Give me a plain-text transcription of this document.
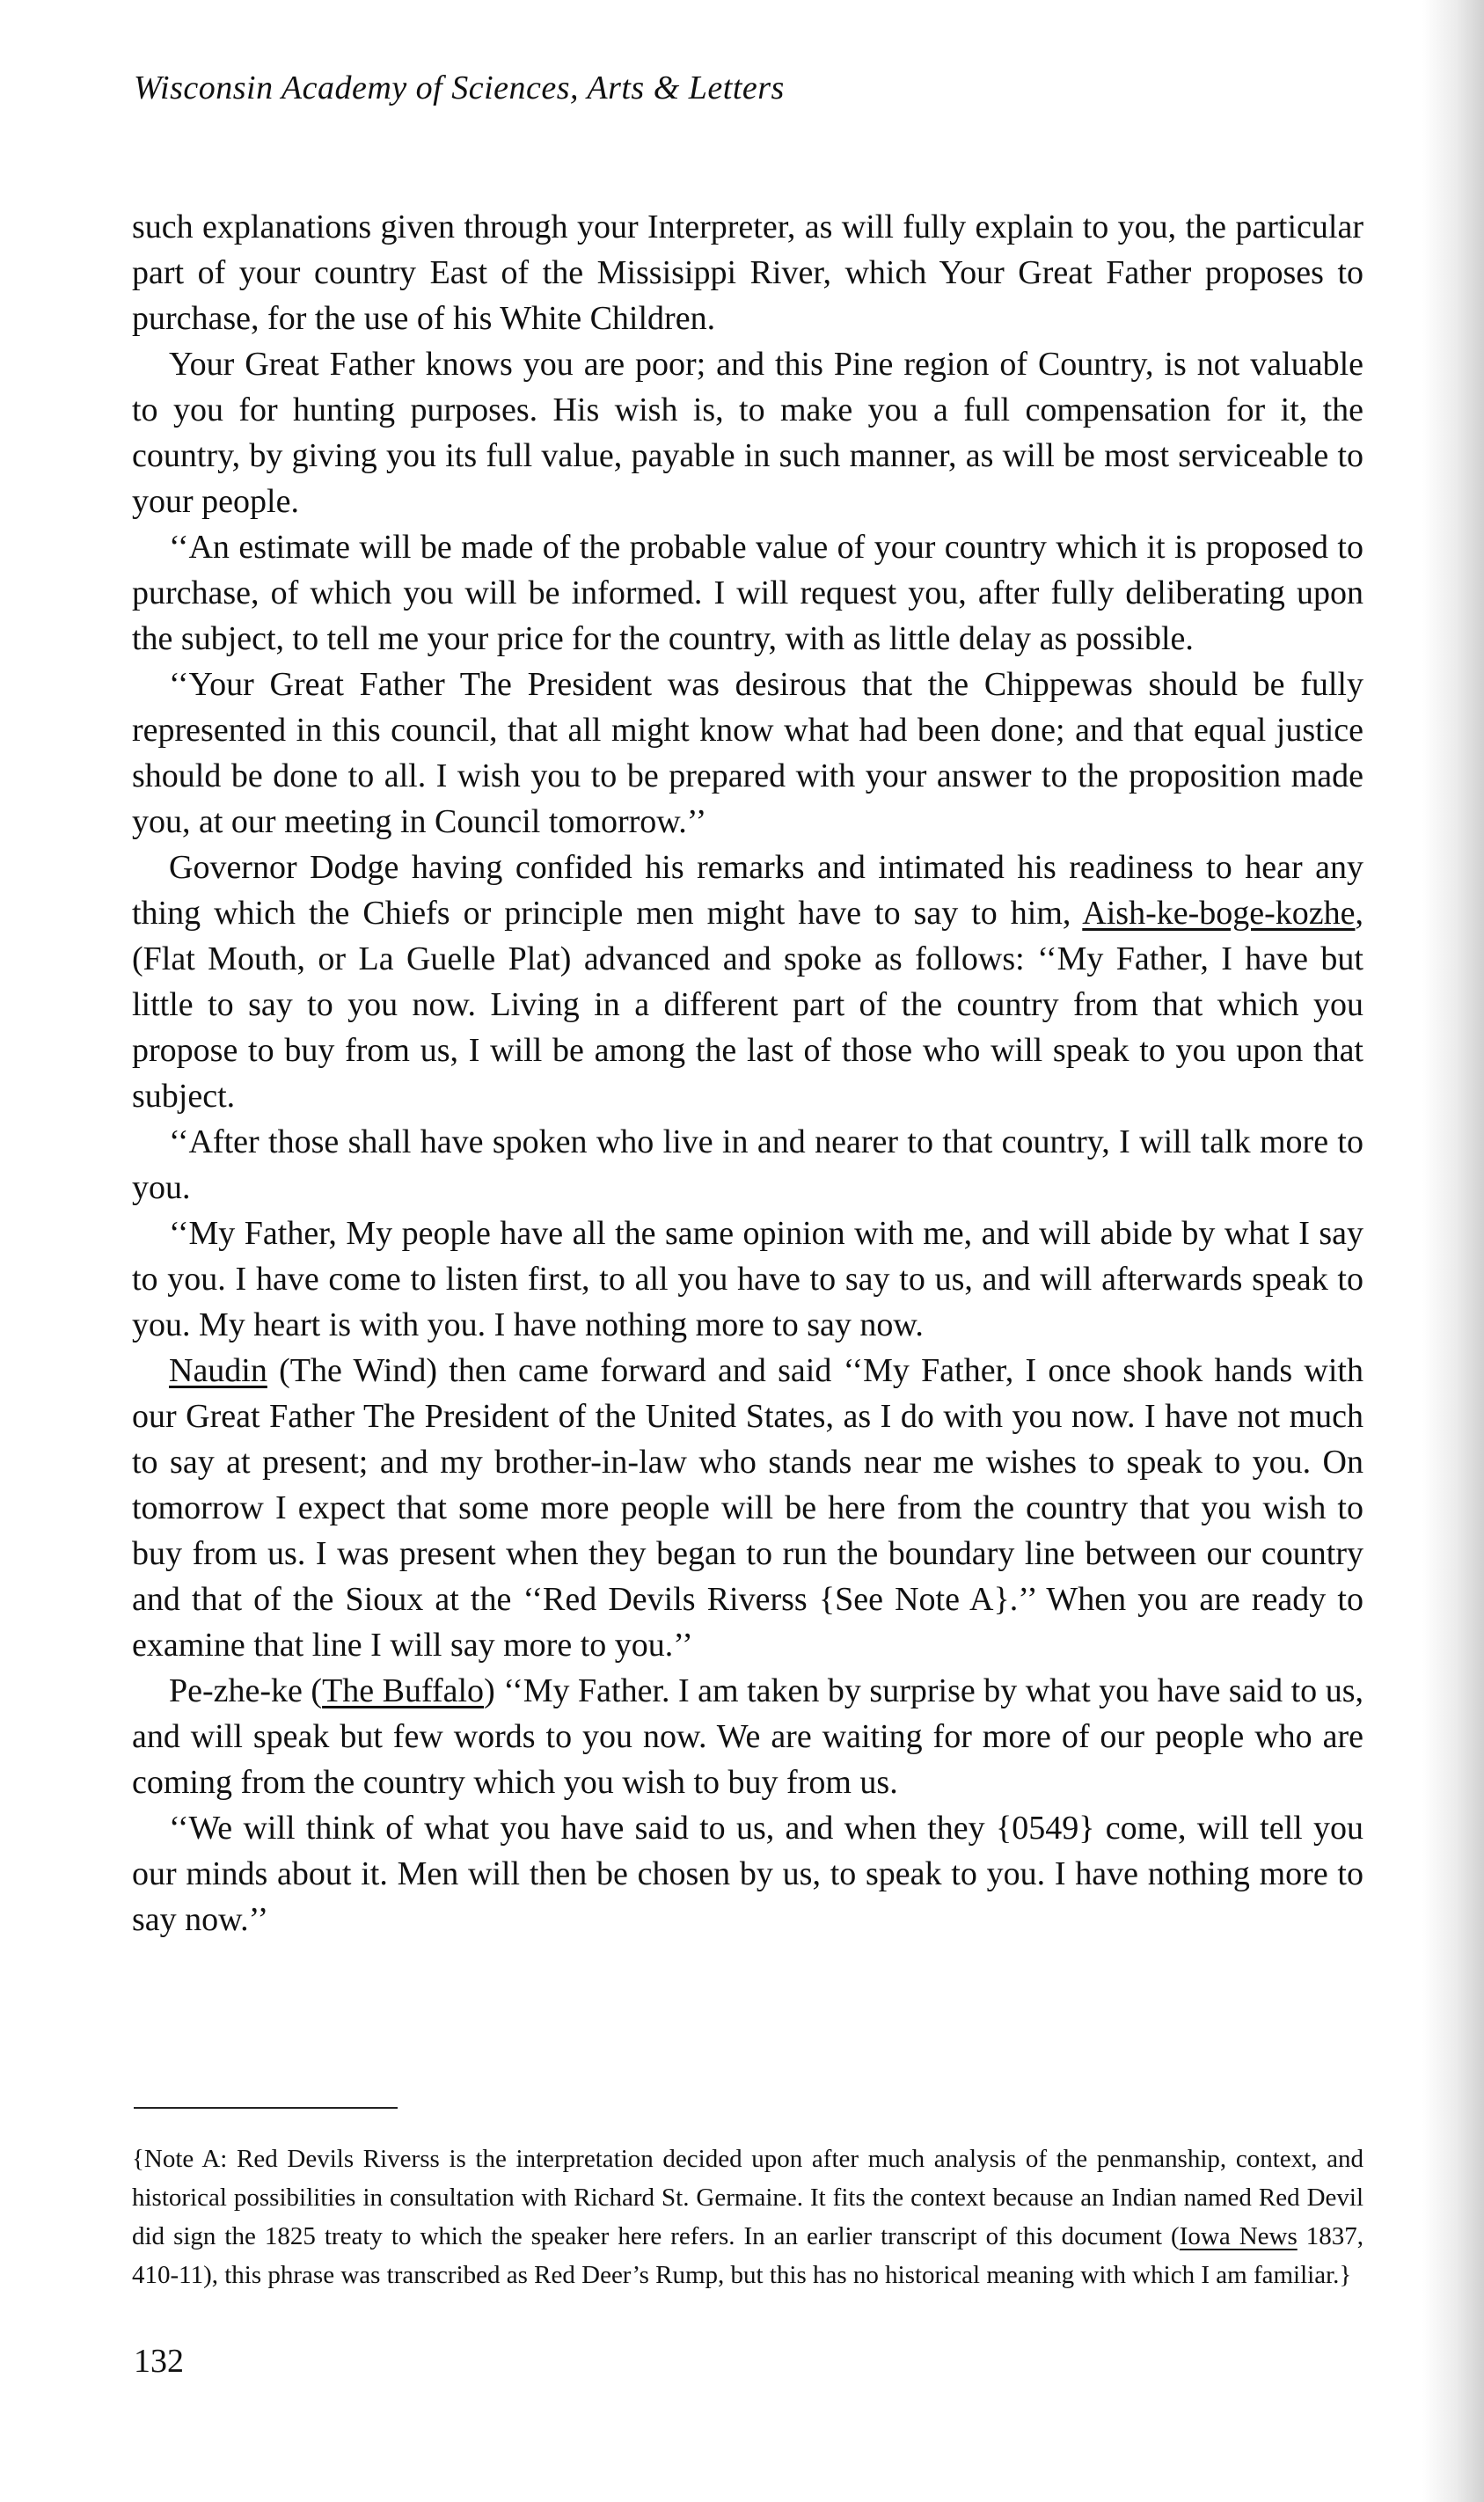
Wisconsin Academy of Sciences, Arts & Letters

such explanations given through your Interpreter, as will fully explain to you, the particular part of your country East of the Missisippi River, which Your Great Father proposes to purchase, for the use of his White Children.

Your Great Father knows you are poor; and this Pine region of Country, is not valuable to you for hunting purposes. His wish is, to make you a full compensation for it, the country, by giving you its full value, payable in such manner, as will be most serviceable to your people.

‘‘An estimate will be made of the probable value of your country which it is proposed to purchase, of which you will be informed. I will request you, after fully deliberating upon the subject, to tell me your price for the country, with as little delay as possible.

‘‘Your Great Father The President was desirous that the Chippewas should be fully represented in this council, that all might know what had been done; and that equal justice should be done to all. I wish you to be prepared with your answer to the proposition made you, at our meeting in Council tomorrow.’’

Governor Dodge having confided his remarks and intimated his readiness to hear any thing which the Chiefs or principle men might have to say to him, Aish-ke-boge-kozhe, (Flat Mouth, or La Guelle Plat) advanced and spoke as follows: ‘‘My Father, I have but little to say to you now. Living in a different part of the country from that which you propose to buy from us, I will be among the last of those who will speak to you upon that subject.

‘‘After those shall have spoken who live in and nearer to that country, I will talk more to you.

‘‘My Father, My people have all the same opinion with me, and will abide by what I say to you. I have come to listen first, to all you have to say to us, and will afterwards speak to you. My heart is with you. I have nothing more to say now.

Naudin (The Wind) then came forward and said ‘‘My Father, I once shook hands with our Great Father The President of the United States, as I do with you now. I have not much to say at present; and my brother-in-law who stands near me wishes to speak to you. On tomorrow I expect that some more people will be here from the country that you wish to buy from us. I was present when they began to run the boundary line between our country and that of the Sioux at the ‘‘Red Devils Riverss {See Note A}.’’ When you are ready to examine that line I will say more to you.’’

Pe-zhe-ke (The Buffalo) ‘‘My Father. I am taken by surprise by what you have said to us, and will speak but few words to you now. We are waiting for more of our people who are coming from the country which you wish to buy from us.

‘‘We will think of what you have said to us, and when they {0549} come, will tell you our minds about it. Men will then be chosen by us, to speak to you. I have nothing more to say now.’’

{Note A: Red Devils Riverss is the interpretation decided upon after much analysis of the penmanship, context, and historical possibilities in consultation with Richard St. Germaine. It fits the context because an Indian named Red Devil did sign the 1825 treaty to which the speaker here refers. In an earlier transcript of this document (Iowa News 1837, 410-11), this phrase was transcribed as Red Deer’s Rump, but this has no historical meaning with which I am familiar.}

132
